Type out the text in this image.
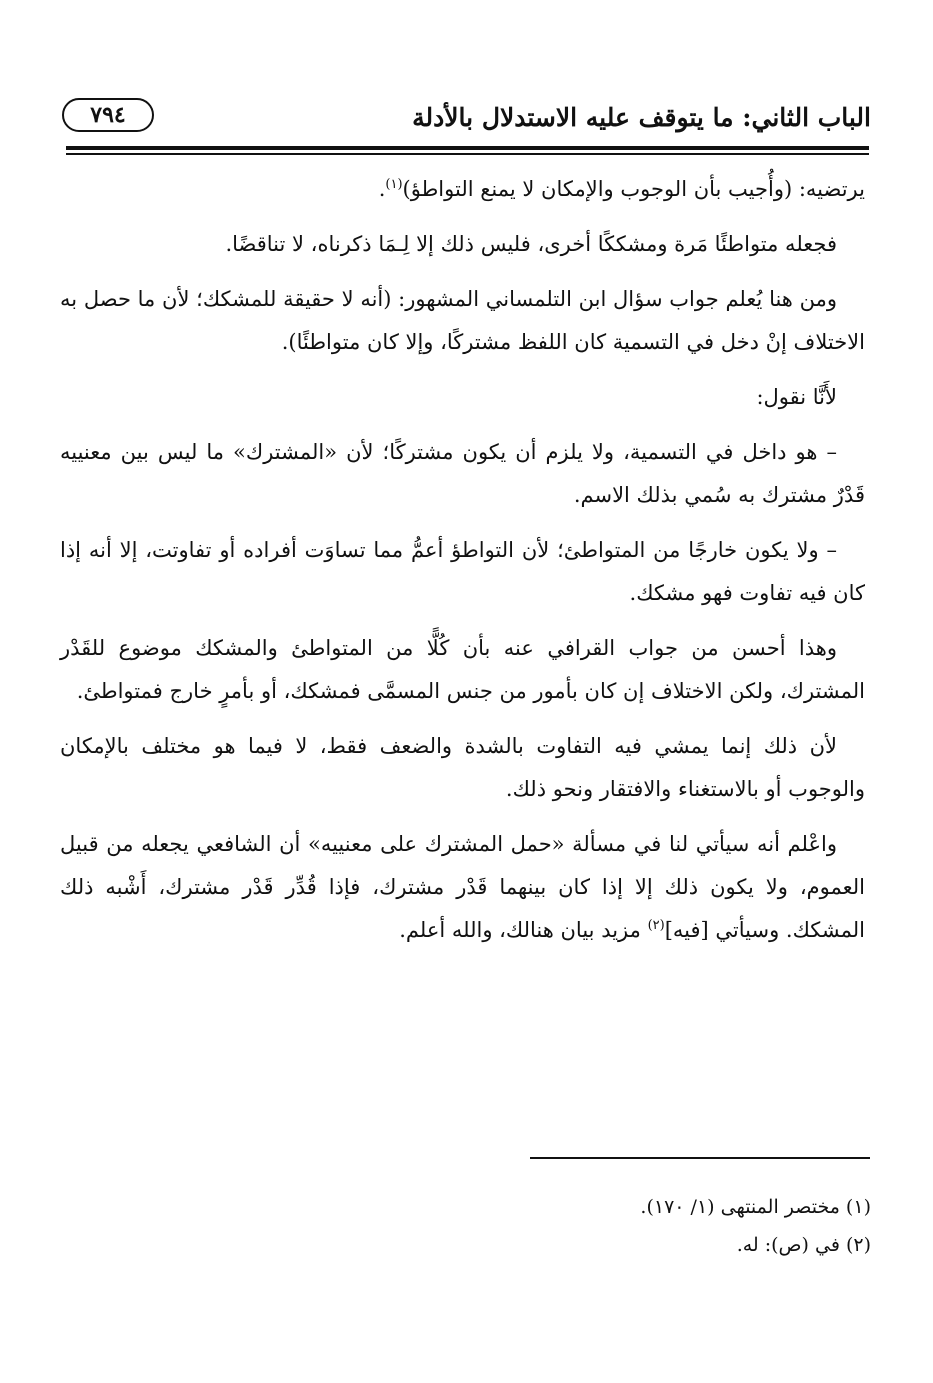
الباب الثاني: ما يتوقف عليه الاستدلال بالأدلة
٧٩٤

يرتضيه: (وأُجيب بأن الوجوب والإمكان لا يمنع التواطؤ)$^{(١)}$.

فجعله متواطئًا مَرة ومشككًا أخرى، فليس ذلك إلا لِـمَا ذكرناه، لا تناقضًا.

ومن هنا يُعلم جواب سؤال ابن التلمساني المشهور: (أنه لا حقيقة للمشكك؛ لأن ما حصل به الاختلاف إنْ دخل في التسمية كان اللفظ مشتركًا، وإلا كان متواطئًا).

لأَنَّا نقول:

– هو داخل في التسمية، ولا يلزم أن يكون مشتركًا؛ لأن «المشترك» ما ليس بين معنييه قَدْرٌ مشترك به سُمي بذلك الاسم.

– ولا يكون خارجًا من المتواطئ؛ لأن التواطؤ أعمُّ مما تساوَت أفراده أو تفاوتت، إلا أنه إذا كان فيه تفاوت فهو مشكك.

وهذا أحسن من جواب القرافي عنه بأن كُلًّا من المتواطئ والمشكك موضوع للقَدْر المشترك، ولكن الاختلاف إن كان بأمور من جنس المسمَّى فمشكك، أو بأمرٍ خارج فمتواطئ.

لأن ذلك إنما يمشي فيه التفاوت بالشدة والضعف فقط، لا فيما هو مختلف بالإمكان والوجوب أو بالاستغناء والافتقار ونحو ذلك.

واعْلم أنه سيأتي لنا في مسألة «حمل المشترك على معنييه» أن الشافعي يجعله من قبيل العموم، ولا يكون ذلك إلا إذا كان بينهما قَدْر مشترك، فإذا قُدِّر قَدْر مشترك، أَشْبه ذلك المشكك. وسيأتي [فيه]$^{(٢)}$ مزيد بيان هنالك، والله أعلم.

(١) مختصر المنتهى (١/ ١٧٠).
(٢) في (ص): له.
